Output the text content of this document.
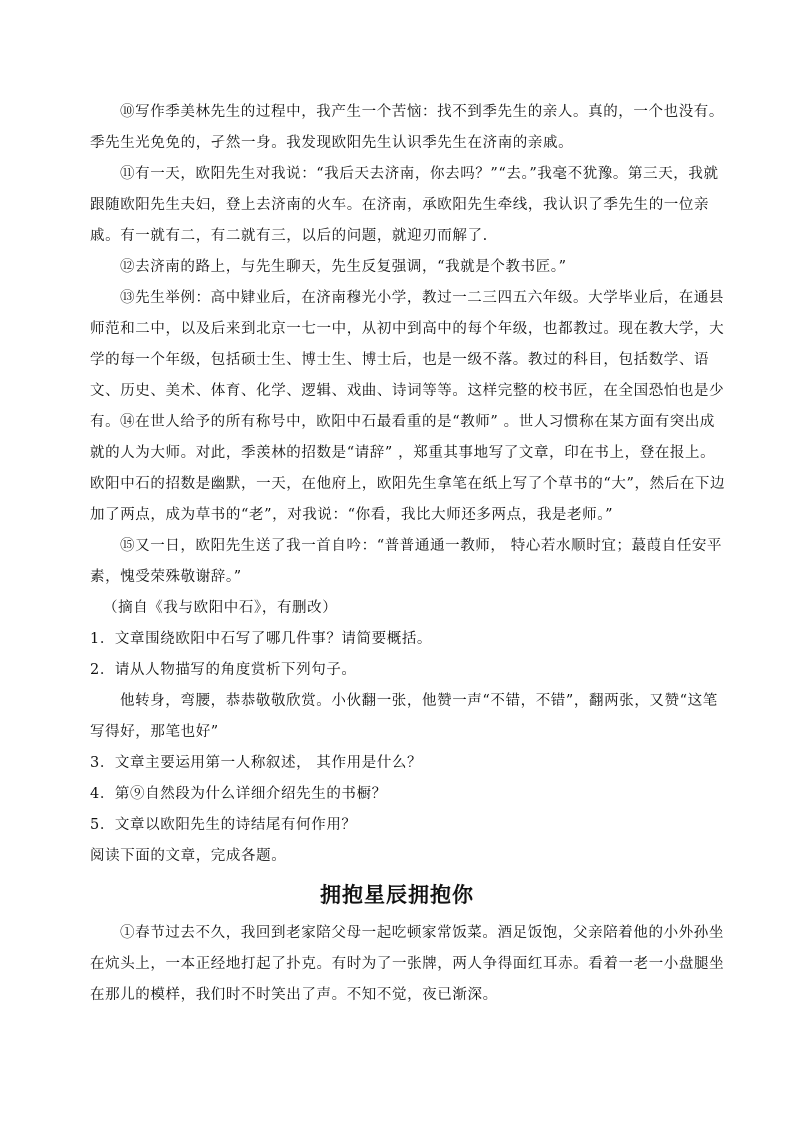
⑩写作季美林先生的过程中，我产生一个苦恼：找不到季先生的亲人。真的，一个也没有。季先生光免免的，孑然一身。我发现欧阳先生认识季先生在济南的亲戚。

⑪有一天，欧阳先生对我说：“我后天去济南，你去吗？”“去。”我毫不犹豫。第三天，我就跟随欧阳先生夫妇，登上去济南的火车。在济南，承欧阳先生牵线，我认识了季先生的一位亲戚。有一就有二，有二就有三，以后的问题，就迎刃而解了.

⑫去济南的路上，与先生聊天，先生反复强调，“我就是个教书匠。”

⑬先生举例：高中肄业后，在济南穆光小学，教过一二三四五六年级。大学毕业后，在通县师范和二中，以及后来到北京一七一中，从初中到高中的每个年级，也都教过。现在教大学，大学的每一个年级，包括硕士生、博士生、博士后，也是一级不落。教过的科目，包括数学、语文、历史、美术、体育、化学、逻辑、戏曲、诗词等等。这样完整的校书匠，在全国恐怕也是少有。 ⑭在世人给予的所有称号中，欧阳中石最看重的是“教师” 。世人习惯称在某方面有突出成就的人为大师。对此，季羡林的招数是“请辞” ，郑重其事地写了文章，印在书上，登在报上。欧阳中石的招数是幽默，一天，在他府上，欧阳先生拿笔在纸上写了个草书的“大”，然后在下边加了两点，成为草书的“老”，对我说：“你看，我比大师还多两点，我是老师。”

⑮又一日，欧阳先生送了我一首自吟：“普普通通一教师， 特心若水顺时宜；蕞葭自任安平素，愧受荣殊敬谢辞。”

（摘自《我与欧阳中石》，有删改）

1．文章围绕欧阳中石写了哪几件事？请简要概括。

2．请从人物描写的角度赏析下列句子。

他转身，弯腰，恭恭敬敬欣赏。小伙翻一张，他赞一声“不错，不错”，翻两张，又赞“这笔写得好，那笔也好”

3．文章主要运用第一人称叙述， 其作用是什么？

4．第⑨自然段为什么详细介绍先生的书橱？

5．文章以欧阳先生的诗结尾有何作用？

阅读下面的文章，完成各题。

拥抱星辰拥抱你

①春节过去不久，我回到老家陪父母一起吃顿家常饭菜。酒足饭饱，父亲陪着他的小外孙坐在炕头上，一本正经地打起了扑克。有时为了一张牌，两人争得面红耳赤。看着一老一小盘腿坐在那儿的模样，我们时不时笑出了声。不知不觉，夜已渐深。
